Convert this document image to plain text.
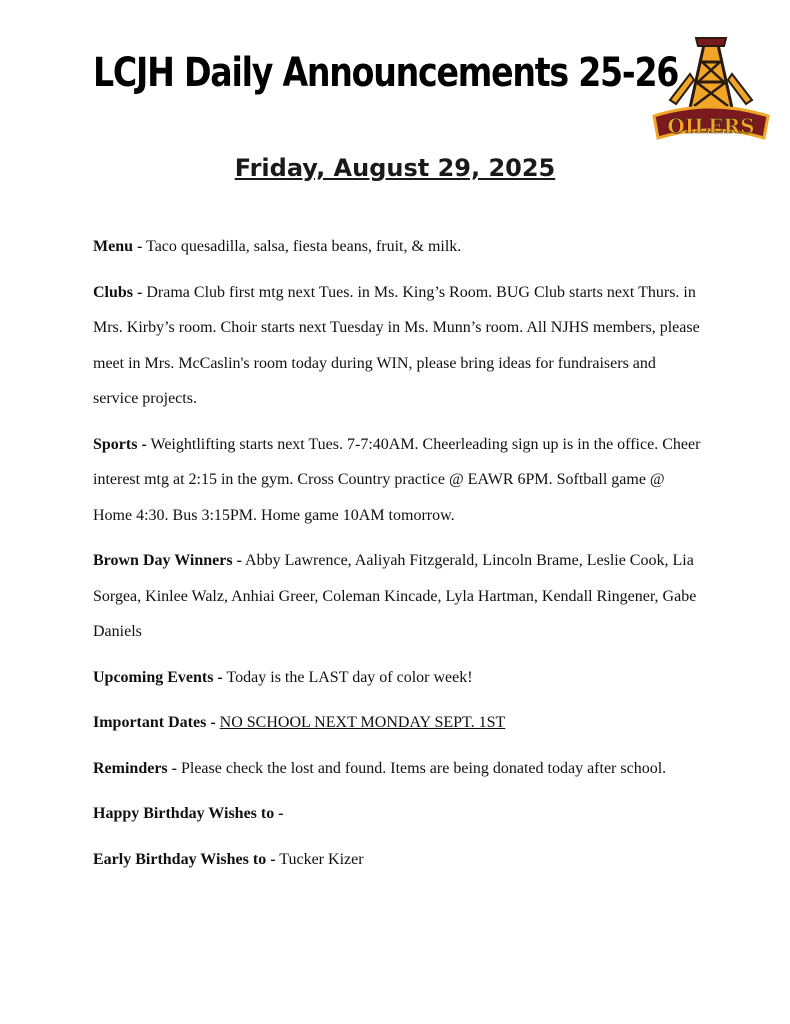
LCJH Daily Announcements 25-26
OILERS
Friday, August 29, 2025

Menu - Taco quesadilla, salsa, fiesta beans, fruit, & milk.

Clubs - Drama Club first mtg next Tues. in Ms. King’s Room. BUG Club starts next Thurs. in Mrs. Kirby’s room. Choir starts next Tuesday in Ms. Munn’s room. All NJHS members, please meet in Mrs. McCaslin's room today during WIN, please bring ideas for fundraisers and service projects.

Sports - Weightlifting starts next Tues. 7-7:40AM. Cheerleading sign up is in the office. Cheer interest mtg at 2:15 in the gym. Cross Country practice @ EAWR 6PM. Softball game @ Home 4:30. Bus 3:15PM. Home game 10AM tomorrow.

Brown Day Winners - Abby Lawrence, Aaliyah Fitzgerald, Lincoln Brame, Leslie Cook, Lia Sorgea, Kinlee Walz, Anhiai Greer, Coleman Kincade, Lyla Hartman, Kendall Ringener, Gabe Daniels

Upcoming Events - Today is the LAST day of color week!

Important Dates - NO SCHOOL NEXT MONDAY SEPT. 1ST

Reminders - Please check the lost and found. Items are being donated today after school.

Happy Birthday Wishes to -

Early Birthday Wishes to - Tucker Kizer
